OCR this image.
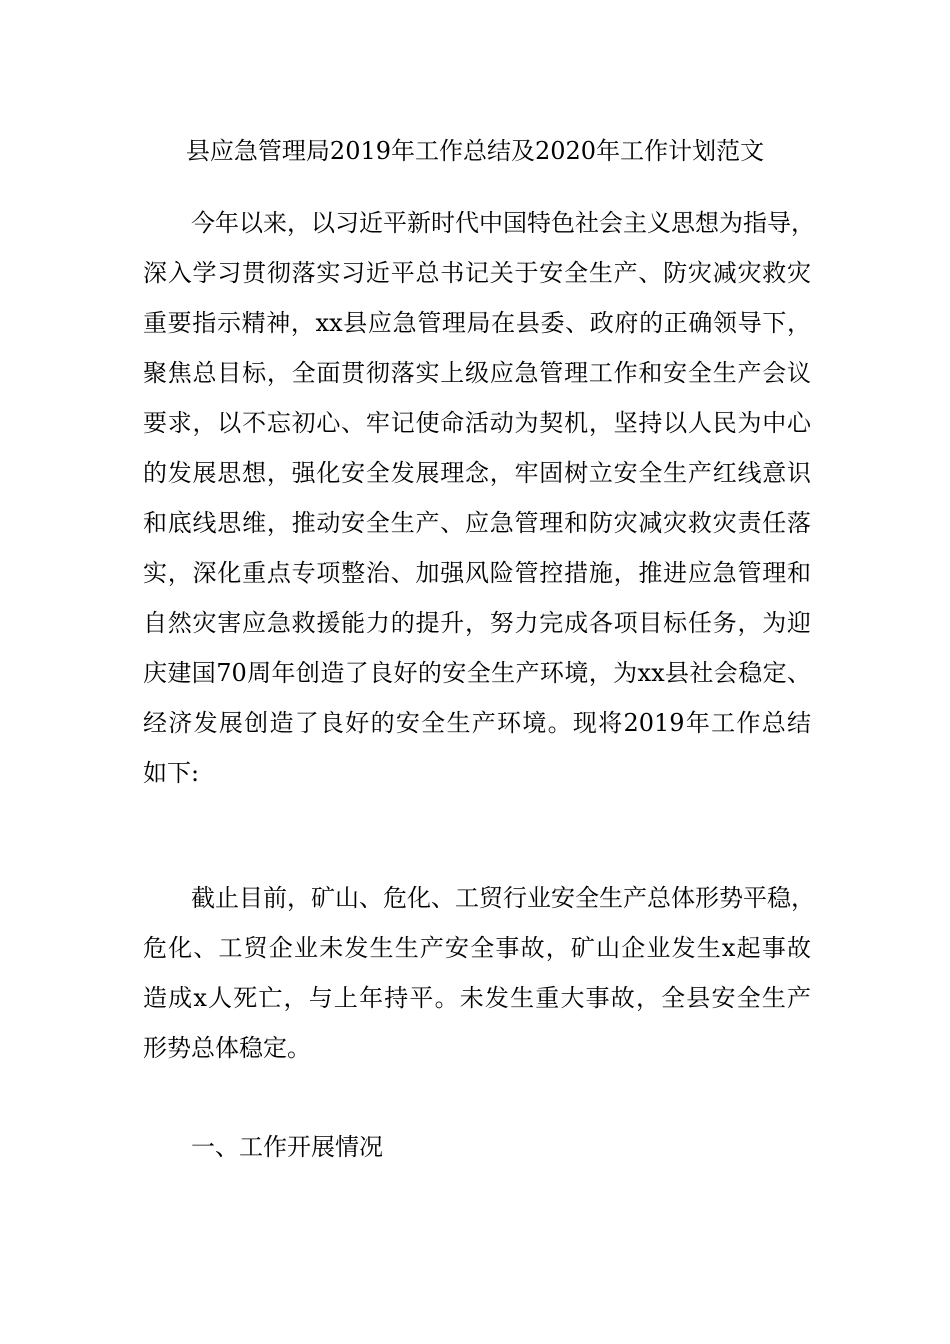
县应急管理局2019年工作总结及2020年工作计划范文

今年以来，以习近平新时代中国特色社会主义思想为指导，
深入学习贯彻落实习近平总书记关于安全生产、防灾减灾救灾
重要指示精神，xx县应急管理局在县委、政府的正确领导下，
聚焦总目标，全面贯彻落实上级应急管理工作和安全生产会议
要求，以不忘初心、牢记使命活动为契机，坚持以人民为中心
的发展思想，强化安全发展理念，牢固树立安全生产红线意识
和底线思维，推动安全生产、应急管理和防灾减灾救灾责任落
实，深化重点专项整治、加强风险管控措施，推进应急管理和
自然灾害应急救援能力的提升，努力完成各项目标任务，为迎
庆建国70周年创造了良好的安全生产环境，为xx县社会稳定、
经济发展创造了良好的安全生产环境。现将2019年工作总结
如下:

截止目前，矿山、危化、工贸行业安全生产总体形势平稳，
危化、工贸企业未发生生产安全事故，矿山企业发生x起事故
造成x人死亡，与上年持平。未发生重大事故，全县安全生产
形势总体稳定。

一、工作开展情况
